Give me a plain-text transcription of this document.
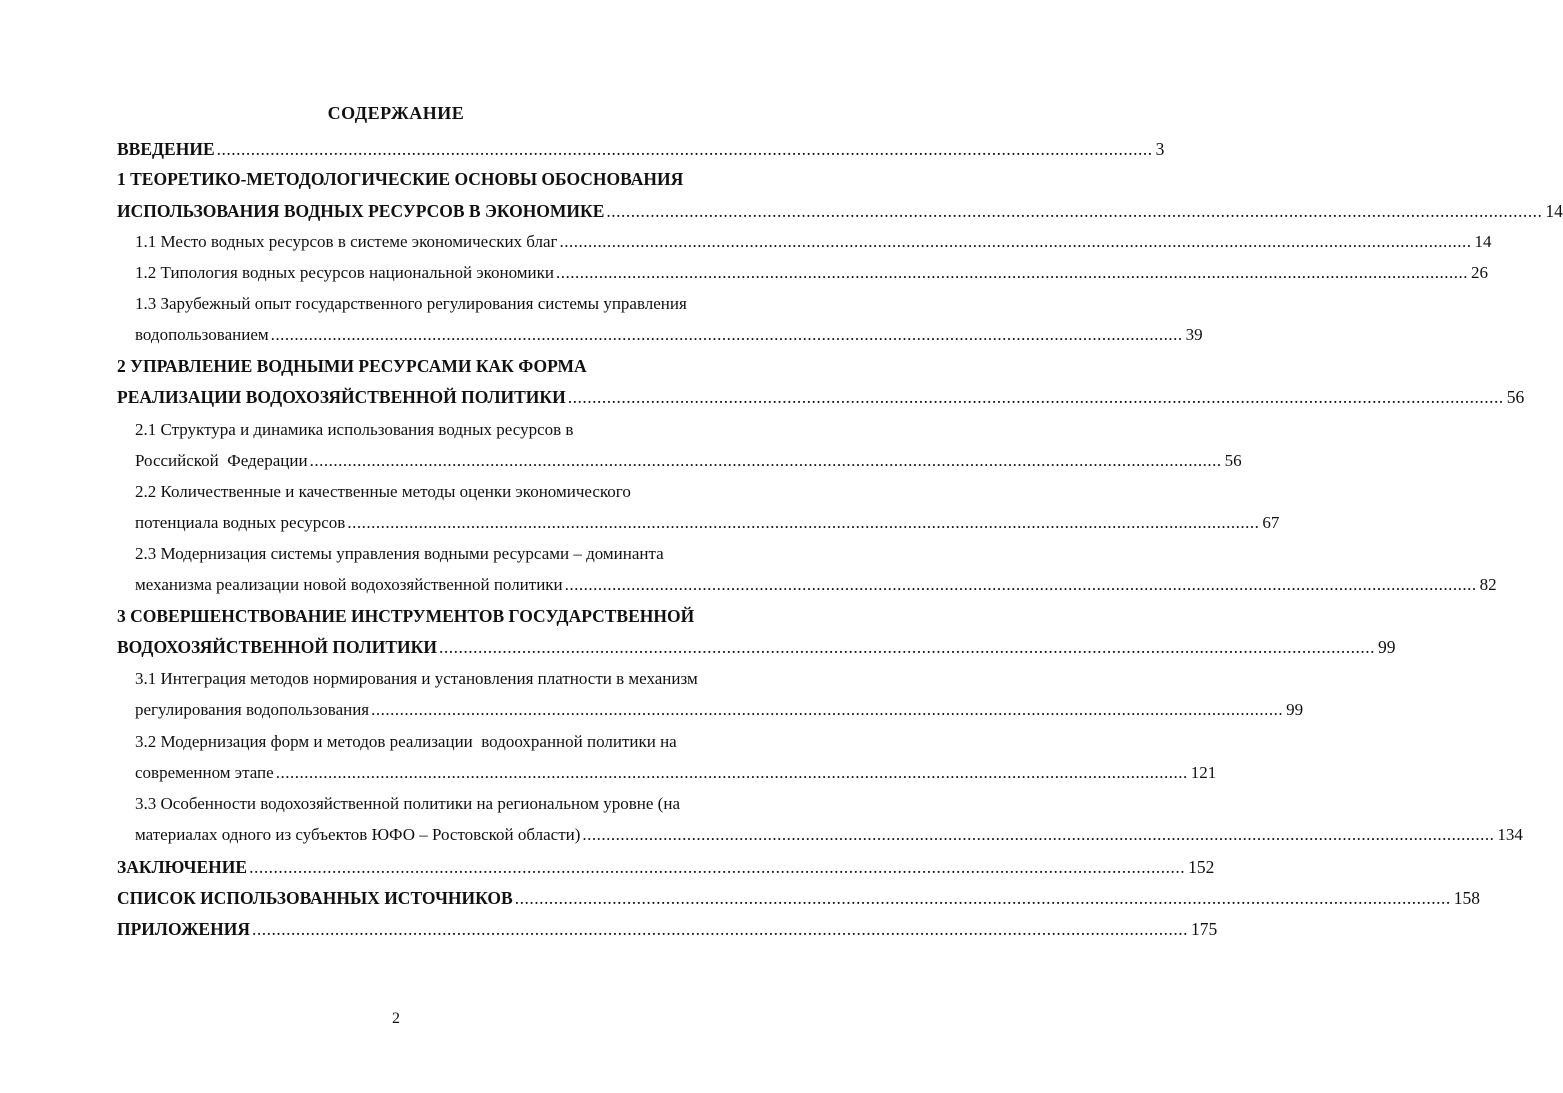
СОДЕРЖАНИЕ
ВВЕДЕНИЕ ................................................................................................................................................................................................ 3
1 ТЕОРЕТИКО-МЕТОДОЛОГИЧЕСКИЕ ОСНОВЫ ОБОСНОВАНИЯ
ИСПОЛЬЗОВАНИЯ ВОДНЫХ РЕСУРСОВ В ЭКОНОМИКЕ ................................................................................................................................................................................................ 14
1.1 Место водных ресурсов в системе экономических благ ................................................................................................................................................................................................ 14
1.2 Типология водных ресурсов национальной экономики ................................................................................................................................................................................................ 26
1.3 Зарубежный опыт государственного регулирования системы управления
водопользованием ................................................................................................................................................................................................ 39
2 УПРАВЛЕНИЕ ВОДНЫМИ РЕСУРСАМИ КАК ФОРМА
РЕАЛИЗАЦИИ ВОДОХОЗЯЙСТВЕННОЙ ПОЛИТИКИ ................................................................................................................................................................................................ 56
2.1 Структура и динамика использования водных ресурсов в
Российской  Федерации ................................................................................................................................................................................................ 56
2.2 Количественные и качественные методы оценки экономического
потенциала водных ресурсов ................................................................................................................................................................................................ 67
2.3 Модернизация системы управления водными ресурсами – доминанта
механизма реализации новой водохозяйственной политики ................................................................................................................................................................................................ 82
3 СОВЕРШЕНСТВОВАНИЕ ИНСТРУМЕНТОВ ГОСУДАРСТВЕННОЙ
ВОДОХОЗЯЙСТВЕННОЙ ПОЛИТИКИ ................................................................................................................................................................................................ 99
3.1 Интеграция методов нормирования и установления платности в механизм
регулирования водопользования ................................................................................................................................................................................................ 99
3.2 Модернизация форм и методов реализации  водоохранной политики на
современном этапе ................................................................................................................................................................................................ 121
3.3 Особенности водохозяйственной политики на региональном уровне (на
материалах одного из субъектов ЮФО – Ростовской области) ................................................................................................................................................................................................ 134
ЗАКЛЮЧЕНИЕ ................................................................................................................................................................................................ 152
СПИСОК ИСПОЛЬЗОВАННЫХ ИСТОЧНИКОВ ................................................................................................................................................................................................ 158
ПРИЛОЖЕНИЯ ................................................................................................................................................................................................ 175
2
